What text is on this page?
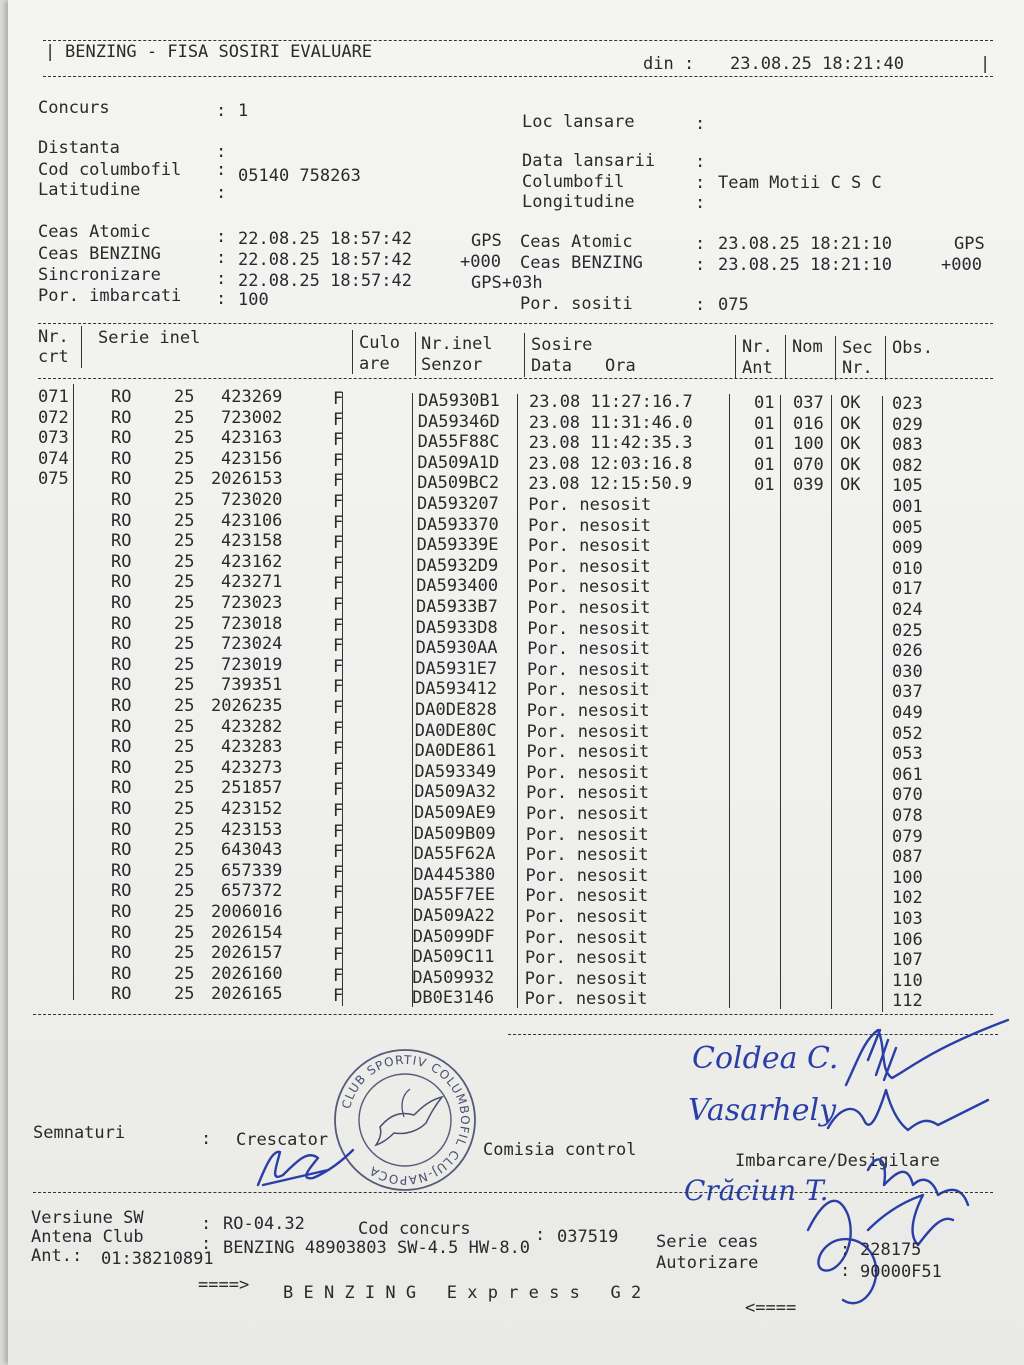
| BENZING - FISA SOSIRI EVALUARE
din : 23.08.25 18:21:40	|
Concurs	: 1
Distanta	:
Cod columbofil : 05140 758263
Latitudine	:
Loc lansare	:
Data lansarii :
Columbofil	: Team Motii C S C
Longitudine	:
Ceas Atomic	: 22.08.25 18:57:42	GPS
Ceas BENZING	: 22.08.25 18:57:42	+000
Sincronizare	: 22.08.25 18:57:42	GPS+03h
Por. imbarcati : 100
Ceas Atomic	: 23.08.25 18:21:10	GPS
Ceas BENZING	: 23.08.25 18:21:10	+000
Por. sositi	: 075
Nr.
crt
Serie inel	Culo
are
Nr.inel
Senzor
Sosire
Data Ora
Nr.
Ant
Nom Sec
Nr.
Obs.
071 RO	25 423269	F	DA5930B1 23.08 11:27:16.7	01 037 OK 023
072 RO	25 723002	F	DA59346D 23.08 11:31:46.0	01 016 OK 029
073 RO	25 423163	F	DA55F88C 23.08 11:42:35.3	01 100 OK 083
074 RO	25 423156	F	DA509A1D 23.08 12:03:16.8	01 070 OK 082
075 RO	25 2026153	F	DA509BC2 23.08 12:15:50.9	01 039 OK 105
RO	25 723020	F	DA593207 Por. nesosit	001
RO	25 423106	F	DA593370 Por. nesosit	005
RO	25 423158	F	DA59339E Por. nesosit	009
RO	25 423162	F	DA5932D9 Por. nesosit	010
RO	25 423271	F	DA593400 Por. nesosit	017
RO	25 723023	F	DA5933B7 Por. nesosit	024
RO	25 723018	F	DA5933D8 Por. nesosit	025
RO	25 723024	F	DA5930AA Por. nesosit	026
RO	25 723019	F	DA5931E7 Por. nesosit	030
RO	25 739351	F	DA593412 Por. nesosit	037
RO	25 2026235	F	DA0DE828 Por. nesosit	049
RO	25 423282	F	DA0DE80C Por. nesosit	052
RO	25 423283	F	DA0DE861 Por. nesosit	053
RO	25 423273	F	DA593349 Por. nesosit	061
RO	25 251857	F	DA509A32 Por. nesosit	070
RO	25 423152	F	DA509AE9 Por. nesosit	078
RO	25 423153	F	DA509B09 Por. nesosit	079
RO	25 643043	F	DA55F62A Por. nesosit	087
RO	25 657339	F	DA445380 Por. nesosit	100
RO	25 657372	F	DA55F7EE Por. nesosit	102
RO	25 2006016	F	DA509A22 Por. nesosit	103
RO	25 2026154	F	DA5099DF Por. nesosit	106
RO	25 2026157	F	DA509C11 Por. nesosit	107
RO	25 2026160	F	DA509932 Por. nesosit	110
RO	25 2026165	F	DB0E3146 Por. nesosit	112
Semnaturi	: Crescator	Comisia control
Imbarcare/Desigilare
CLUB SPORTIV COLUMBOFIL CLUJ-NAPOCA
Coldea C.
Vasarhely
Crăciun T.
Versiune SW	: RO-04.32	Cod concurs	: 037519
Antena Club	: BENZING 48903803 SW-4.5 HW-8.0	Serie ceas	: 228175
Ant.: 01:38210891	Autorizare	: 90000F51
====> B E N Z I N G   E x p r e s s   G 2
<====
